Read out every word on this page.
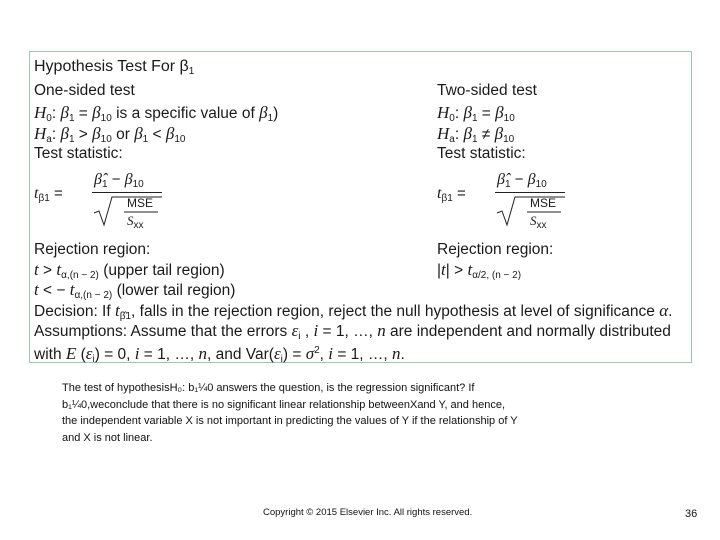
Hypothesis Test For $\beta_1$
One-sided test
$H_0$: $\beta_1 = \beta_{10}$ is a specific value of $\beta_1$)
$H_a$: $\beta_1 > \beta_{10}$ or $\beta_1 < \beta_{10}$
Test statistic:
$t_{\beta 1}$ =
$\betâ_1 - \beta_{10}$
MSE
$S_{xx}$
Rejection region:
$t > t_{\alpha,(n - 2)}$ (upper tail region)
t < − $t_{\alpha,(n - 2)}$ (lower tail region)
Two-sided test
$H_0$: $\beta_1 = \beta_{10}$
$H_a$: $\beta_1 \ne \beta_{10}$
Test statistic:
$t_{\beta 1}$ =
$\betâ_1 - \beta_{10}$
MSE
$S_{xx}$
Rejection region:
$|t| > t_{\alpha/2, (n - 2)}$
Decision: If $t_{\betâ1}$, falls in the rejection region, reject the null hypothesis at level of significance α.
Assumptions: Assume that the errors $\varepsilon_i$ , i = 1, …, n are independent and normally distributed
with E $(\varepsilon_i) = 0$, i = 1, …, n, and $Var(\varepsilon_i) = \sigma^2$, i = 1, …, n.
The test of hypothesisH₀: b₁¼0 answers the question, is the regression significant? If b₁¼0,weconclude that there is no significant linear relationship betweenXand Y, and hence, the independent variable X is not important in predicting the values of Y if the relationship of Y and X is not linear.
Copyright © 2015 Elsevier Inc. All rights reserved.	36
